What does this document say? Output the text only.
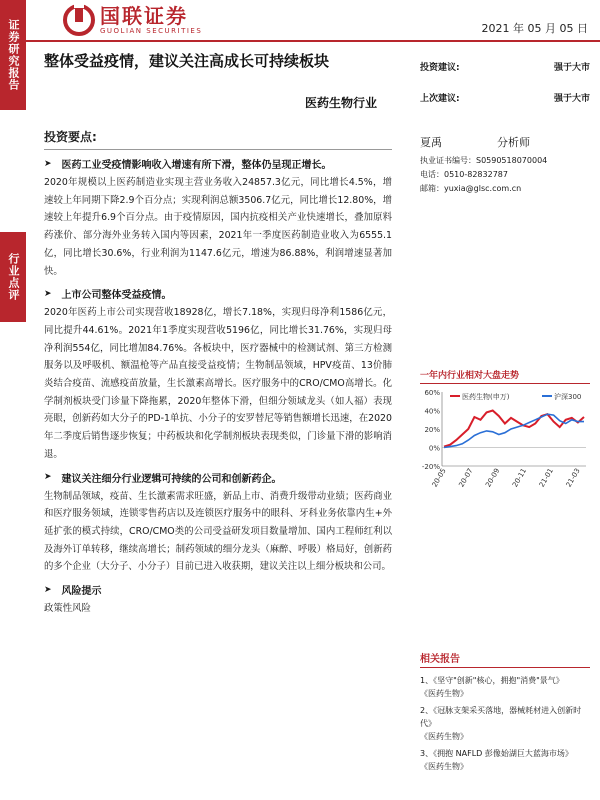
证券研究报告
行业点评
国联证券
GUOLIAN SECURITIES	2021 年 05 月 05 日
整体受益疫情，建议关注高成长可持续板块
医药生物行业
投资建议:	强于大市
上次建议:	强于大市
投资要点:
➤ 医药工业受疫情影响收入增速有所下滑，整体仍呈现正增长。

2020年规模以上医药制造业实现主营业务收入24857.3亿元，同比增长4.5%，增速较上年同期下降2.9个百分点；实现利润总额3506.7亿元，同比增长12.80%，增速较上年提升6.9个百分点。由于疫情原因，国内抗疫相关产业快速增长，叠加原料药涨价、部分海外业务转入国内等因素，2021年一季度医药制造业收入为6555.1亿，同比增长30.6%，行业利润为1147.6亿元，增速为86.88%，利润增速显著加快。

➤ 上市公司整体受益疫情。

2020年医药上市公司实现营收18928亿，增长7.18%，实现归母净利1586亿元，同比提升44.61%。2021年1季度实现营收5196亿，同比增长31.76%，实现归母净利润554亿，同比增加84.76%。各板块中，医疗器械中的检测试剂、第三方检测服务以及呼吸机、额温枪等产品直接受益疫情；生物制品领域，HPV疫苗、13价肺炎结合疫苗、流感疫苗放量，生长激素高增长。医疗服务中的CRO/CMO高增长。化学制剂板块受门诊量下降拖累，2020年整体下滑，但细分领域龙头（如人福）表现亮眼，创新药如大分子的PD-1单抗、小分子的安罗替尼等销售额增长迅速，在2020年二季度后销售逐步恢复；中药板块和化学制剂板块表现类似，门诊量下滑的影响消退。

➤ 建议关注细分行业逻辑可持续的公司和创新药企。

生物制品领域，疫苗、生长激素需求旺盛，新品上市、消费升级带动业绩；医药商业和医疗服务领域，连锁零售药店以及连锁医疗服务中的眼科、牙科业务依靠内生+外延扩张的模式持续，CRO/CMO类的公司受益研发项目数量增加、国内工程师红利以及海外订单转移，继续高增长；制药领域的细分龙头（麻醉、呼吸）格局好，创新药的多个企业（大分子、小分子）目前已进入收获期，建议关注以上细分板块和公司。

➤ 风险提示

政策性风险

夏禹	分析师
执业证书编号：S0590518070004
电话：0510-82832787
邮箱：yuxia@glsc.com.cn
一年内行业相对大盘走势
60%
40%
20%
0%
-20%
20-05 20-07 20-09 20-11 21-01 21-03
医药生物(申万)	沪深300
相关报告
1、《坚守"创新"核心，拥抱"消费"景气》
《医药生物》
2、《冠脉支架采买落地，器械耗材进入创新时代》
《医药生物》
3、《拥抱 NAFLD 彭像始湖巨大蓝海市场》
《医药生物》
